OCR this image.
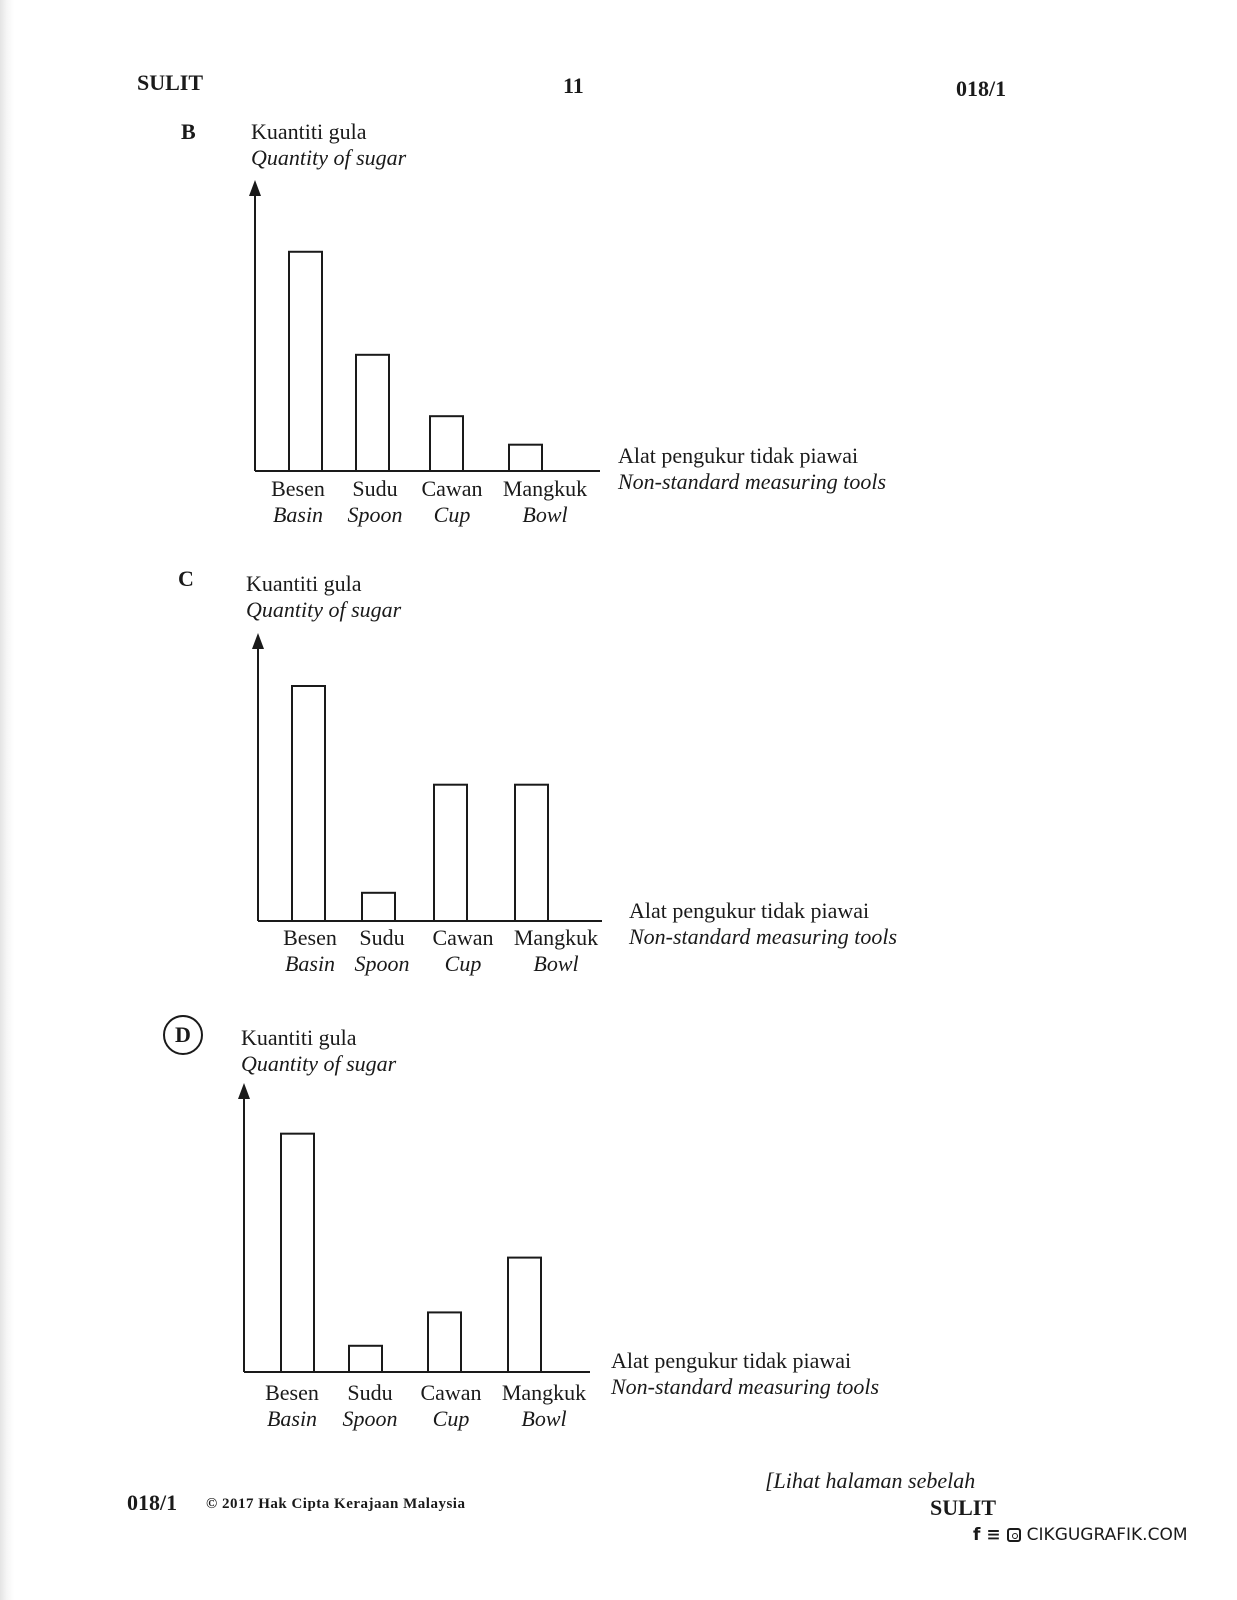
SULIT	11	018/1
B	Kuantiti gula
Quantity of sugar
Alat pengukur tidak piawai
Non-standard measuring tools
Besen
Basin
Sudu
Spoon
Cawan
Cup
Mangkuk
Bowl
C Kuantiti gula
Quantity of sugar
Alat pengukur tidak piawai
Non-standard measuring tools
Besen
Basin
Sudu
Spoon
Cawan
Cup
Mangkuk
Bowl
D Kuantiti gula
Quantity of sugar
Alat pengukur tidak piawai
Non-standard measuring tools
Besen
Basin
Sudu
Spoon
Cawan
Cup
Mangkuk
Bowl
018/1 © 2017 Hak Cipta Kerajaan Malaysia
[Lihat halaman sebelah
SULIT
f ≡ CIKGUGRAFIK.COM
